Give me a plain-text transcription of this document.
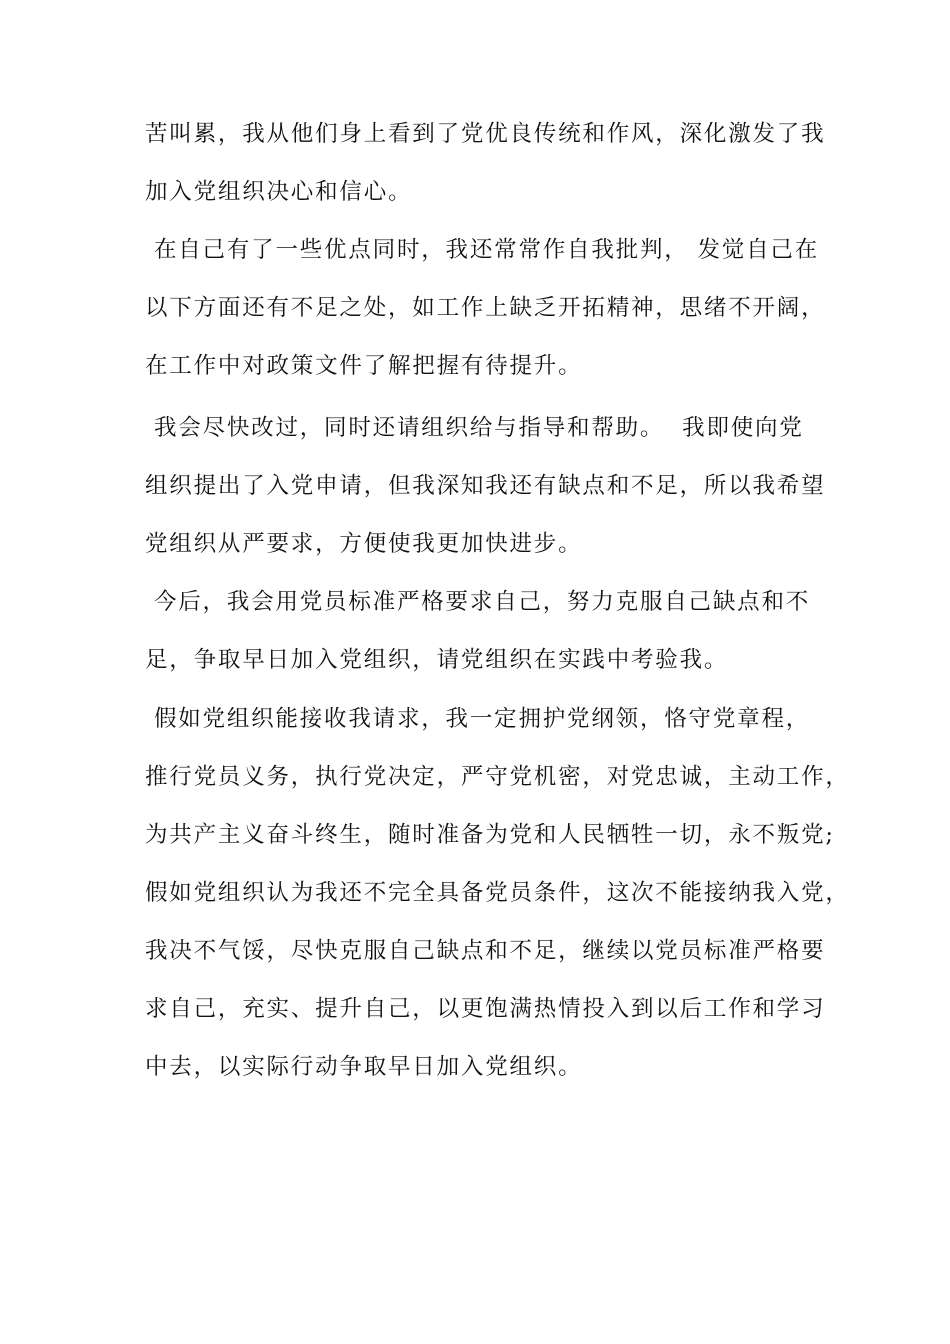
苦叫累，我从他们身上看到了党优良传统和作风，深化激发了我
加入党组织决心和信心。
在自己有了一些优点同时，我还常常作自我批判， 发觉自己在
以下方面还有不足之处，如工作上缺乏开拓精神，思绪不开阔，
在工作中对政策文件了解把握有待提升。
我会尽快改过，同时还请组织给与指导和帮助。  我即使向党
组织提出了入党申请，但我深知我还有缺点和不足，所以我希望
党组织从严要求，方便使我更加快进步。
今后，我会用党员标准严格要求自己，努力克服自己缺点和不
足，争取早日加入党组织，请党组织在实践中考验我。
假如党组织能接收我请求，我一定拥护党纲领，恪守党章程，
推行党员义务，执行党决定，严守党机密，对党忠诚，主动工作，
为共产主义奋斗终生，随时准备为党和人民牺牲一切，永不叛党;
假如党组织认为我还不完全具备党员条件，这次不能接纳我入党，
我决不气馁，尽快克服自己缺点和不足，继续以党员标准严格要
求自己，充实、提升自己，以更饱满热情投入到以后工作和学习
中去，以实际行动争取早日加入党组织。
